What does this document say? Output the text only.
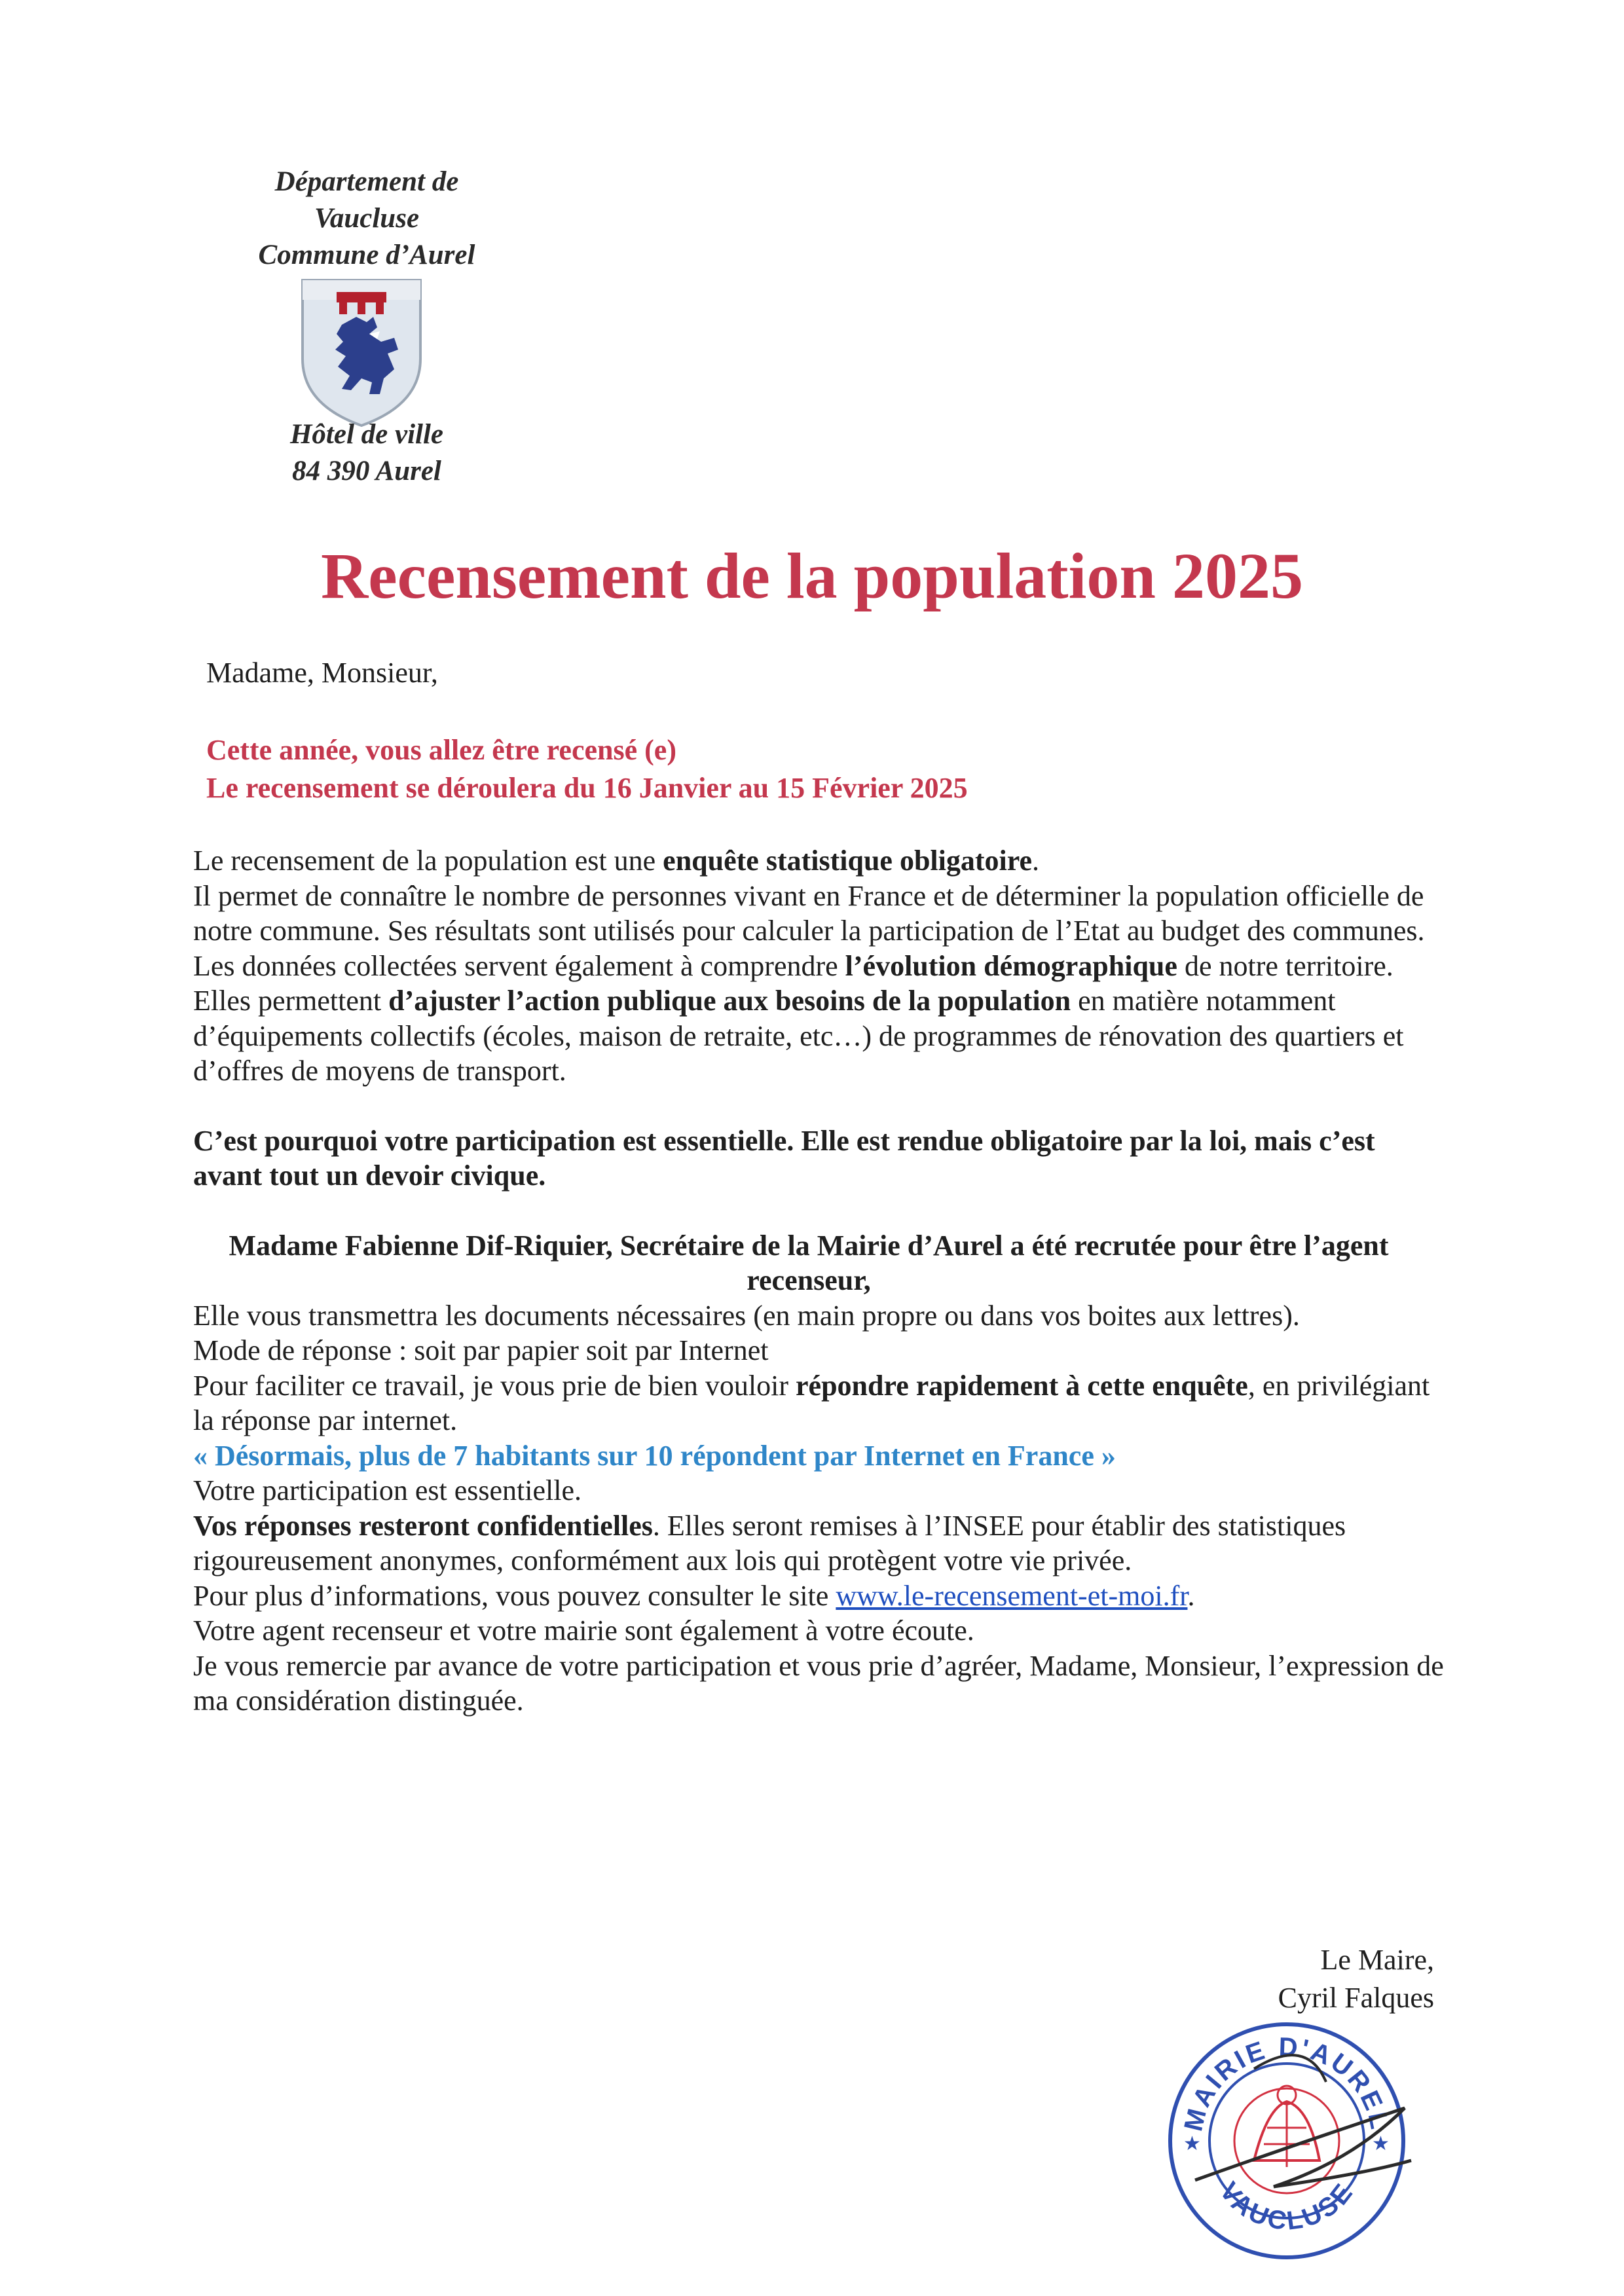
Département de
Vaucluse
Commune d’Aurel
Hôtel de ville
84 390 Aurel
Recensement de la population 2025
Madame, Monsieur,
Cette année, vous allez être recensé (e)
Le recensement se déroulera du 16 Janvier au 15 Février 2025

Le recensement de la population est une enquête statistique obligatoire.

Il permet de connaître le nombre de personnes vivant en France et de déterminer la population officielle de notre commune. Ses résultats sont utilisés pour calculer la participation de l’Etat au budget des communes.

Les données collectées servent également à comprendre l’évolution démographique de notre territoire. Elles permettent d’ajuster l’action publique aux besoins de la population en matière notamment d’équipements collectifs (écoles, maison de retraite, etc…) de programmes de rénovation des quartiers et d’offres de moyens de transport.

C’est pourquoi votre participation est essentielle. Elle est rendue obligatoire par la loi, mais c’est avant tout un devoir civique.

Madame Fabienne Dif-Riquier, Secrétaire de la Mairie d’Aurel a été recrutée pour être l’agent recenseur,

Elle vous transmettra les documents nécessaires (en main propre ou dans vos boites aux lettres).

Mode de réponse : soit par papier soit par Internet

Pour faciliter ce travail, je vous prie de bien vouloir répondre rapidement à cette enquête, en privilégiant la réponse par internet.

« Désormais, plus de 7 habitants sur 10 répondent par Internet en France »

Votre participation est essentielle.

Vos réponses resteront confidentielles. Elles seront remises à l’INSEE pour établir des statistiques rigoureusement anonymes, conformément aux lois qui protègent votre vie privée.

Pour plus d’informations, vous pouvez consulter le site www.le-recensement-et-moi.fr.

Votre agent recenseur et votre mairie sont également à votre écoute.

Je vous remercie par avance de votre participation et vous prie d’agréer, Madame, Monsieur, l’expression de ma considération distinguée.

Le Maire,
Cyril Falques
MAIRIE D'AUREL
VAUCLUSE
★	★
